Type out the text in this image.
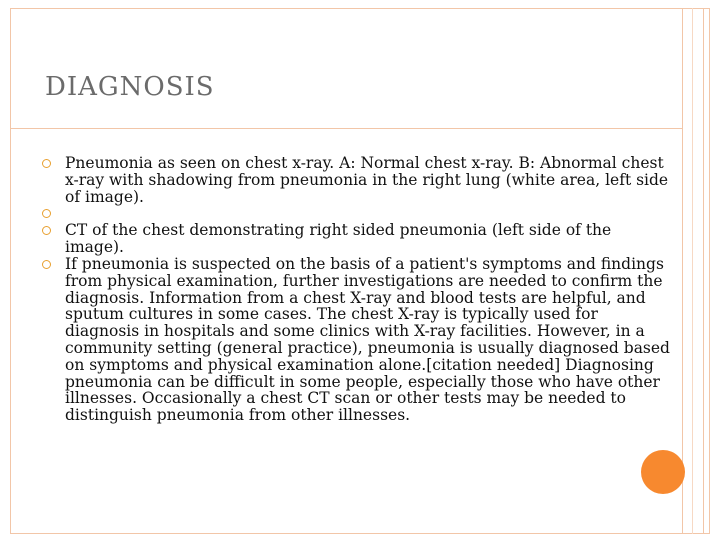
DIAGNOSIS
Pneumonia as seen on chest x-ray. A: Normal chest x-ray. B: Abnormal chest x-ray with shadowing from pneumonia in the right lung (white area, left side of image).
CT of the chest demonstrating right sided pneumonia (left side of the image).
If pneumonia is suspected on the basis of a patient's symptoms and findings from physical examination, further investigations are needed to confirm the diagnosis. Information from a chest X-ray and blood tests are helpful, and sputum cultures in some cases. The chest X-ray is typically used for diagnosis in hospitals and some clinics with X-ray facilities. However, in a community setting (general practice), pneumonia is usually diagnosed based on symptoms and physical examination alone.[citation needed] Diagnosing pneumonia can be difficult in some people, especially those who have other illnesses. Occasionally a chest CT scan or other tests may be needed to distinguish pneumonia from other illnesses.
